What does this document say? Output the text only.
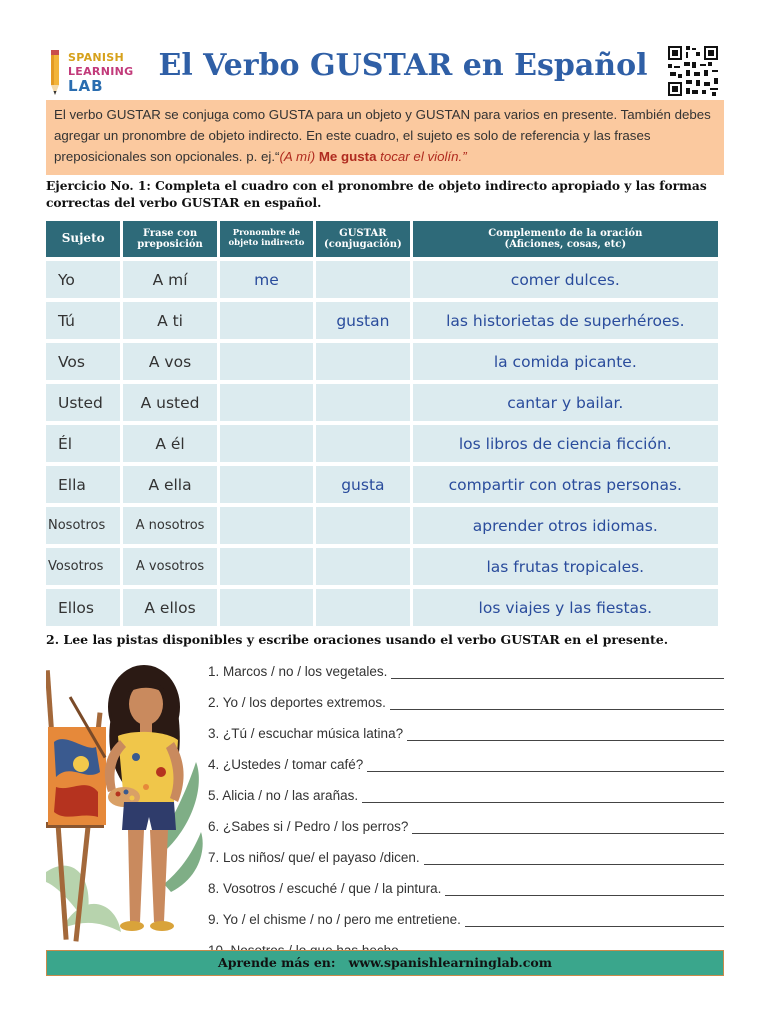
SPANISH
LEARNING
LAB
El Verbo GUSTAR en Español
El verbo GUSTAR se conjuga como GUSTA para un objeto y GUSTAN para varios en presente. También debes agregar un pronombre de objeto indirecto. En este cuadro, el sujeto es solo de referencia y las frases preposicionales son opcionales. p. ej.“(A mí) Me gusta tocar el violín.”
Ejercicio No. 1: Completa el cuadro con el pronombre de objeto indirecto apropiado y las formas correctas del verbo GUSTAR en español.
Sujeto	Frase con preposición	Pronombre de objeto indirecto	GUSTAR (conjugación)	Complemento de la oración (Aficiones, cosas, etc)
Yo	A mí	me		comer dulces.
Tú	A ti		gustan	las historietas de superhéroes.
Vos	A vos			la comida picante.
Usted	A usted			cantar y bailar.
Él	A él			los libros de ciencia ficción.
Ella	A ella		gusta	compartir con otras personas.
Nosotros	A nosotros			aprender otros idiomas.
Vosotros	A vosotros			las frutas tropicales.
Ellos	A ellos			los viajes y las fiestas.
2. Lee las pistas disponibles y escribe oraciones usando el verbo GUSTAR en el presente.
1. Marcos / no / los vegetales.
2. Yo / los deportes extremos.
3. ¿Tú / escuchar música latina?
4. ¿Ustedes / tomar café?
5. Alicia / no / las arañas.
6. ¿Sabes si / Pedro / los perros?
7. Los niños/ que/ el payaso /dicen.
8. Vosotros / escuché / que / la pintura.
9. Yo / el chisme / no / pero me entretiene.
Aprende más en: www.spanishlearninglab.com
